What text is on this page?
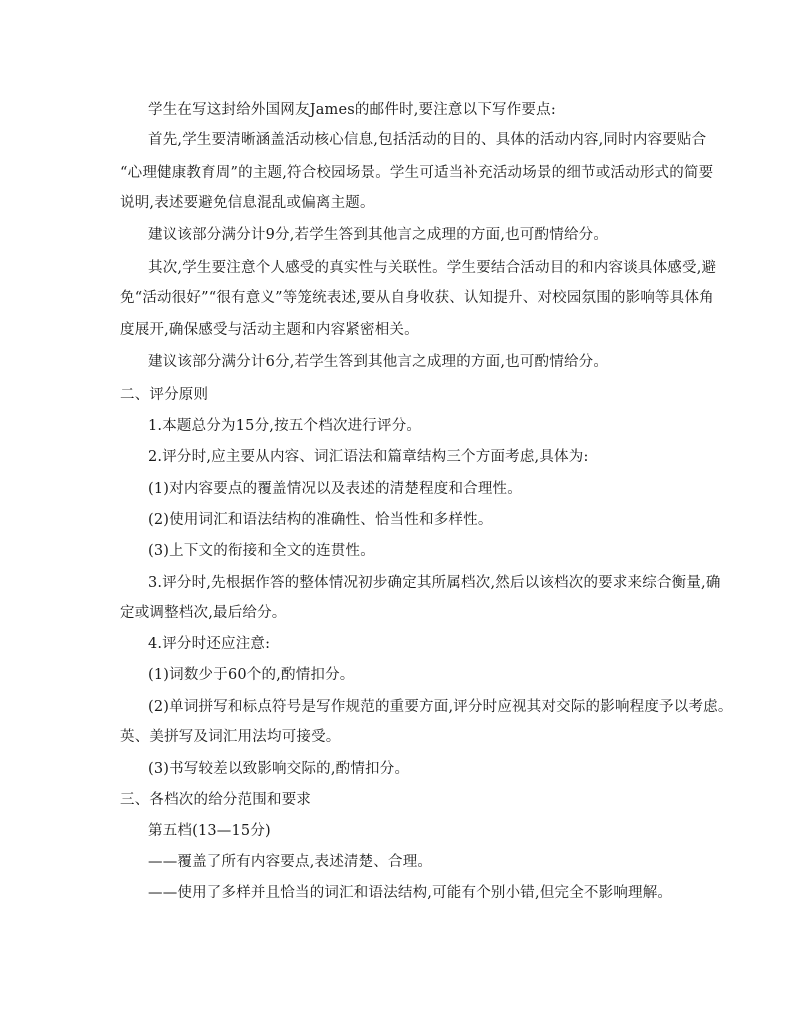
学生在写这封给外国网友James的邮件时,要注意以下写作要点:
首先,学生要清晰涵盖活动核心信息,包括活动的目的、具体的活动内容,同时内容要贴合
“心理健康教育周”的主题,符合校园场景。学生可适当补充活动场景的细节或活动形式的简要
说明,表述要避免信息混乱或偏离主题。
建议该部分满分计9分,若学生答到其他言之成理的方面,也可酌情给分。
其次,学生要注意个人感受的真实性与关联性。学生要结合活动目的和内容谈具体感受,避
免“活动很好”“很有意义”等笼统表述,要从自身收获、认知提升、对校园氛围的影响等具体角
度展开,确保感受与活动主题和内容紧密相关。
建议该部分满分计6分,若学生答到其他言之成理的方面,也可酌情给分。
二、评分原则
1.本题总分为15分,按五个档次进行评分。
2.评分时,应主要从内容、词汇语法和篇章结构三个方面考虑,具体为:
(1)对内容要点的覆盖情况以及表述的清楚程度和合理性。
(2)使用词汇和语法结构的准确性、恰当性和多样性。
(3)上下文的衔接和全文的连贯性。
3.评分时,先根据作答的整体情况初步确定其所属档次,然后以该档次的要求来综合衡量,确
定或调整档次,最后给分。
4.评分时还应注意:
(1)词数少于60个的,酌情扣分。
(2)单词拼写和标点符号是写作规范的重要方面,评分时应视其对交际的影响程度予以考虑。
英、美拼写及词汇用法均可接受。
(3)书写较差以致影响交际的,酌情扣分。
三、各档次的给分范围和要求
第五档(13—15分)
——覆盖了所有内容要点,表述清楚、合理。
——使用了多样并且恰当的词汇和语法结构,可能有个别小错,但完全不影响理解。
